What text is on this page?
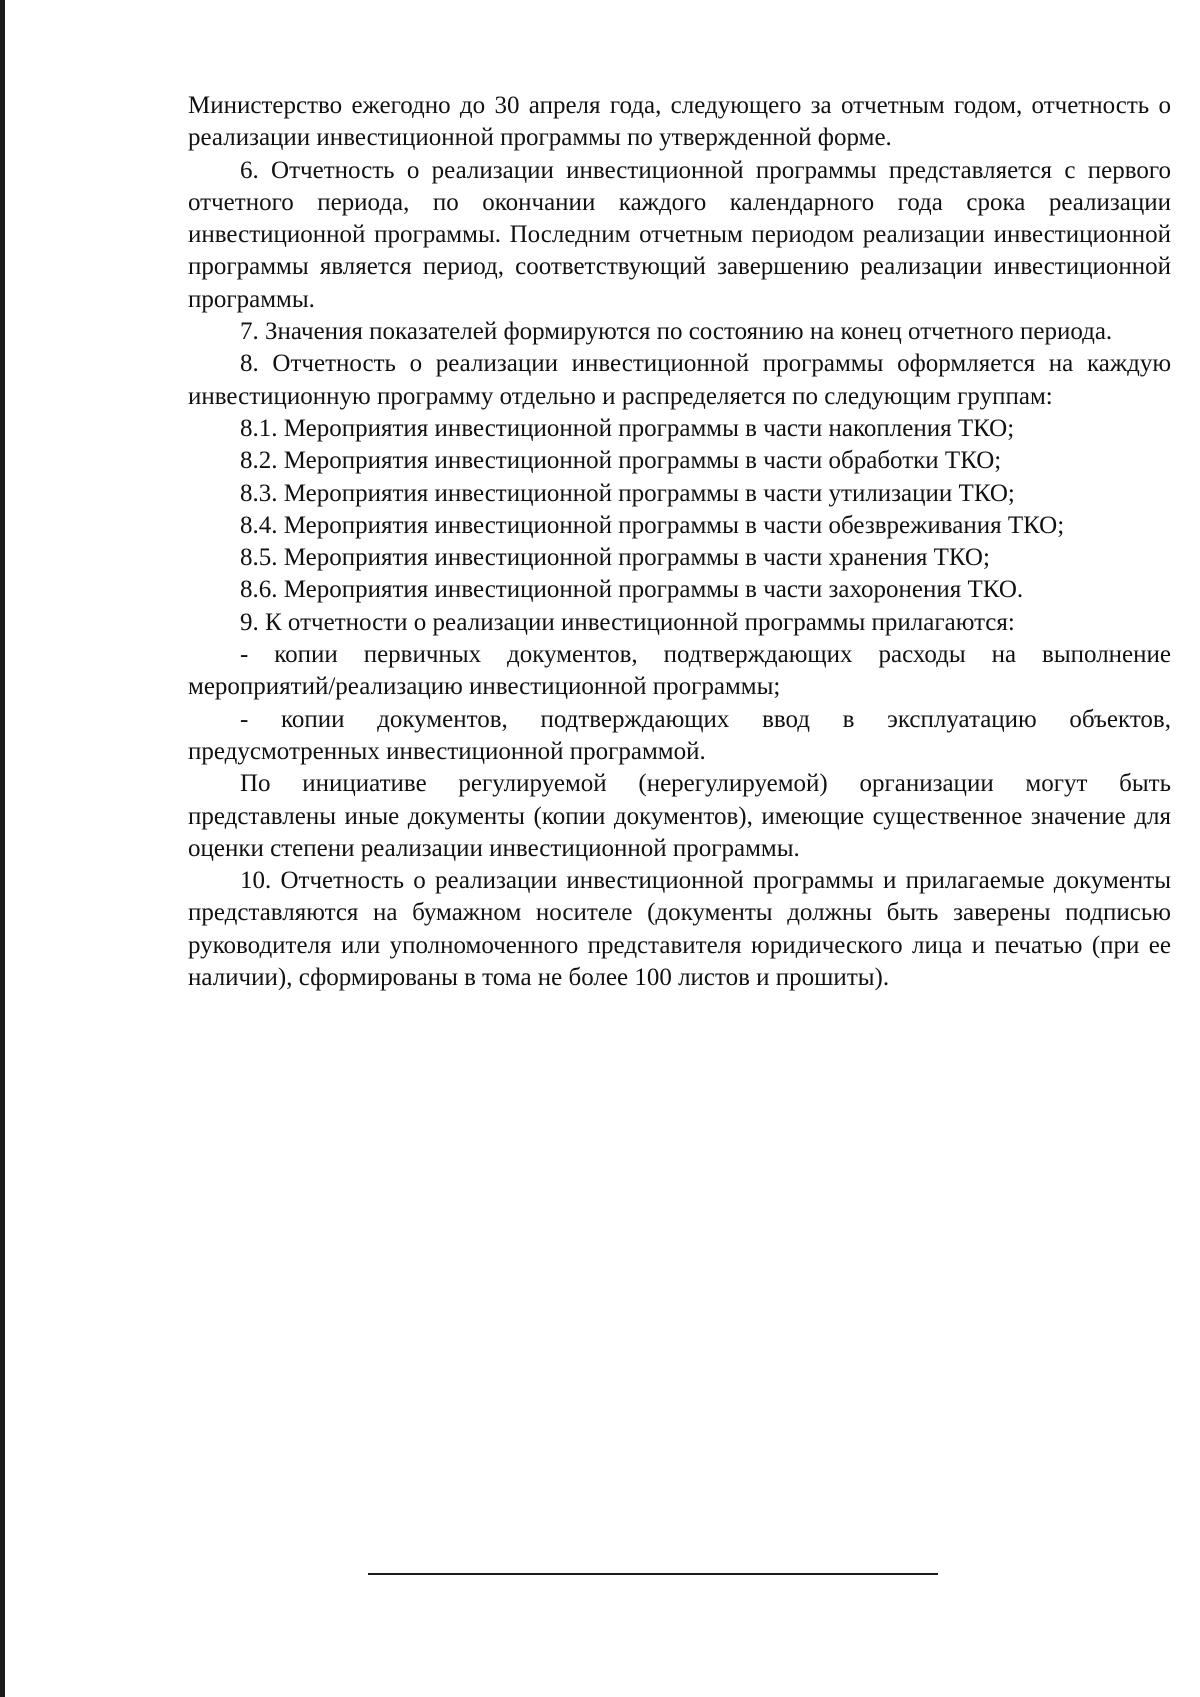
Министерство ежегодно до 30 апреля года, следующего за отчетным годом, отчетность о реализации инвестиционной программы по утвержденной форме.

6. Отчетность о реализации инвестиционной программы представляется с первого отчетного периода, по окончании каждого календарного года срока реализации инвестиционной программы. Последним отчетным периодом реализации инвестиционной программы является период, соответствующий завершению реализации инвестиционной программы.

7. Значения показателей формируются по состоянию на конец отчетного периода.

8. Отчетность о реализации инвестиционной программы оформляется на каждую инвестиционную программу отдельно и распределяется по следующим группам:

8.1. Мероприятия инвестиционной программы в части накопления ТКО;

8.2. Мероприятия инвестиционной программы в части обработки ТКО;

8.3. Мероприятия инвестиционной программы в части утилизации ТКО;

8.4. Мероприятия инвестиционной программы в части обезвреживания ТКО;

8.5. Мероприятия инвестиционной программы в части хранения ТКО;

8.6. Мероприятия инвестиционной программы в части захоронения ТКО.

9. К отчетности о реализации инвестиционной программы прилагаются:

- копии первичных документов, подтверждающих расходы на выполнение мероприятий/реализацию инвестиционной программы;

- копии документов, подтверждающих ввод в эксплуатацию объектов, предусмотренных инвестиционной программой.

По инициативе регулируемой (нерегулируемой) организации могут быть представлены иные документы (копии документов), имеющие существенное значение для оценки степени реализации инвестиционной программы.

10. Отчетность о реализации инвестиционной программы и прилагаемые документы представляются на бумажном носителе (документы должны быть заверены подписью руководителя или уполномоченного представителя юридического лица и печатью (при ее наличии), сформированы в тома не более 100 листов и прошиты).
